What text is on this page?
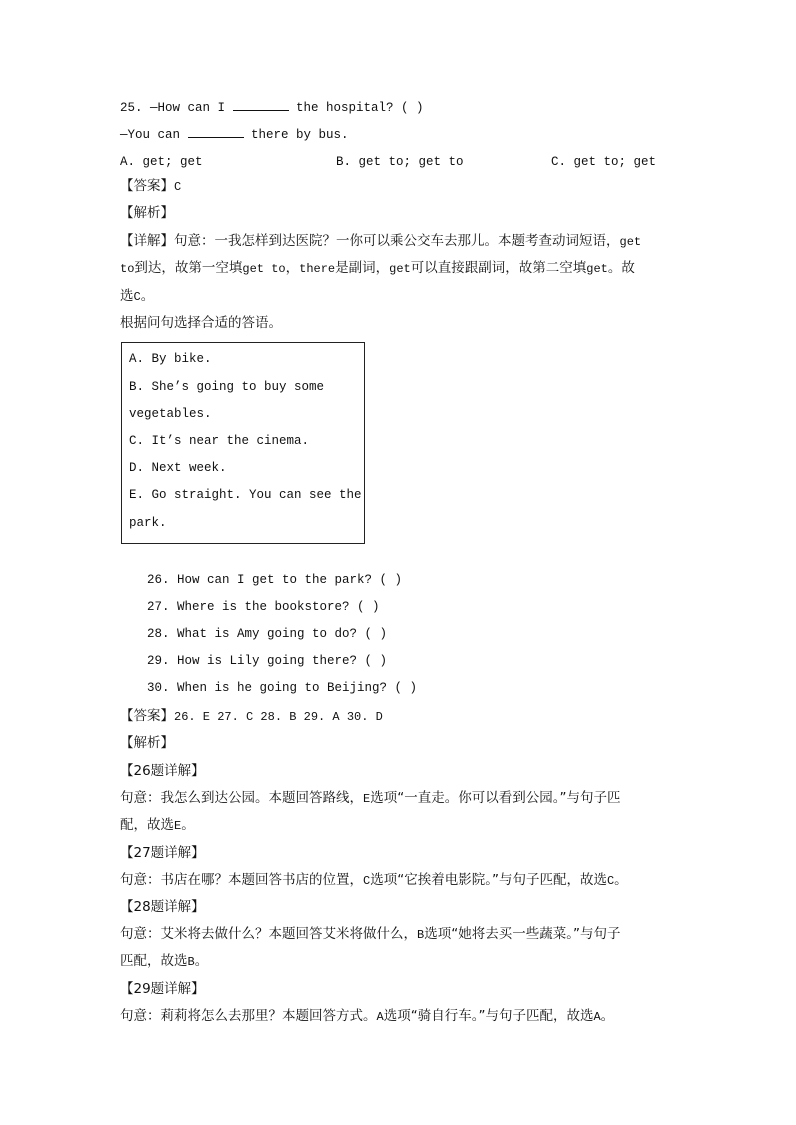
25. —How can I	the hospital? ( )
—You can	there by bus.
A. get; get	B. get to; get to	C. get to; get
【答案】C
【解析】
【详解】句意：一我怎样到达医院？一你可以乘公交车去那儿。本题考查动词短语，get
to到达，故第一空填get to，there是副词，get可以直接跟副词，故第二空填get。故
选C。
根据问句选择合适的答语。
A. By bike.
B. She’s going to buy some
vegetables.
C. It’s near the cinema.
D. Next week.
E. Go straight. You can see the
park.
26. How can I get to the park? ( )
27. Where is the bookstore? ( )
28. What is Amy going to do? ( )
29. How is Lily going there? ( )
30. When is he going to Beijing? ( )
【答案】26. E 27. C 28. B 29. A 30. D
【解析】
【26题详解】
句意：我怎么到达公园。本题回答路线，E选项“一直走。你可以看到公园。”与句子匹
配，故选E。
【27题详解】
句意：书店在哪？本题回答书店的位置，C选项“它挨着电影院。”与句子匹配，故选C。
【28题详解】
句意：艾米将去做什么？本题回答艾米将做什么，B选项“她将去买一些蔬菜。”与句子
匹配，故选B。
【29题详解】
句意：莉莉将怎么去那里？本题回答方式。A选项“骑自行车。”与句子匹配，故选A。
